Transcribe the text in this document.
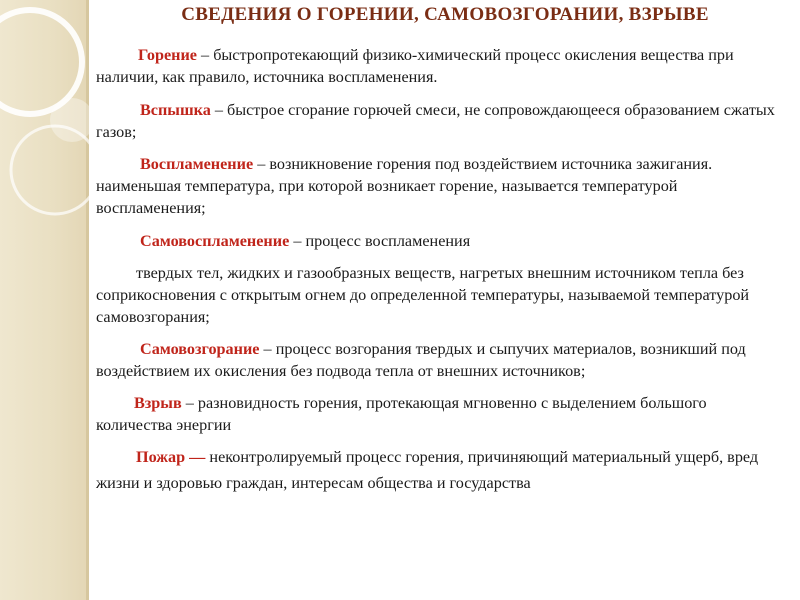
СВЕДЕНИЯ О ГОРЕНИИ, САМОВОЗГОРАНИИ, ВЗРЫВЕ

Горение – быстропротекающий физико-химический процесс окисления вещества при наличии, как правило, источника воспламенения.

Вспышка – быстрое сгорание горючей смеси, не сопровождающееся образованием сжатых газов;

Воспламенение – возникновение горения под воздействием источника зажигания. наименьшая температура, при которой возникает горение, называется температурой воспламенения;

Самовоспламенение – процесс воспламенения

твердых тел, жидких и газообразных веществ, нагретых внешним источником тепла без соприкосновения с открытым огнем до определенной температуры, называемой температурой самовозгорания;

Самовозгорание – процесс возгорания твердых и сыпучих материалов, возникший под воздействием их окисления без подвода тепла от внешних источников;

Взрыв – разновидность горения, протекающая мгновенно с выделением большого количества энергии

Пожар — неконтролируемый процесс горения, причиняющий материальный ущерб, вред жизни и здоровью граждан, интересам общества и государства
